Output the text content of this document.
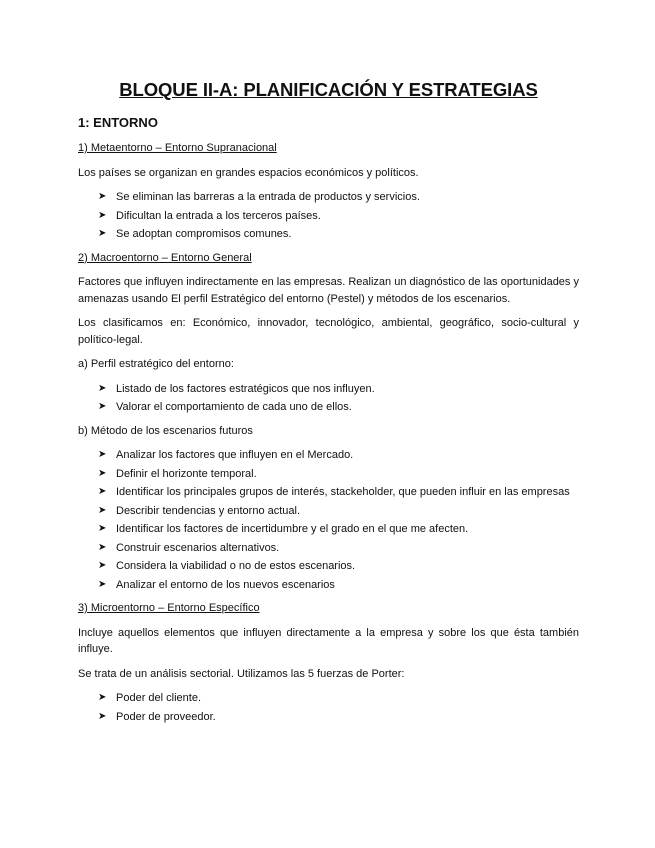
BLOQUE II-A: PLANIFICACIÓN Y ESTRATEGIAS
1: ENTORNO
1) Metaentorno – Entorno Supranacional

Los países se organizan en grandes espacios económicos y políticos.

➤ Se eliminan las barreras a la entrada de productos y servicios.
➤ Dificultan la entrada a los terceros países.
➤ Se adoptan compromisos comunes.
2) Macroentorno – Entorno General

Factores que influyen indirectamente en las empresas. Realizan un diagnóstico de las oportunidades y amenazas usando El perfil Estratégico del entorno (Pestel) y métodos de los escenarios.

Los clasificamos en: Económico, innovador, tecnológico, ambiental, geográfico, socio-cultural y político-legal.

a) Perfil estratégico del entorno:

➤ Listado de los factores estratégicos que nos influyen.
➤ Valorar el comportamiento de cada uno de ellos.

b) Método de los escenarios futuros

➤ Analizar los factores que influyen en el Mercado.
➤ Definir el horizonte temporal.
➤ Identificar los principales grupos de interés, stackeholder, que pueden influir en las empresas
➤ Describir tendencias y entorno actual.
➤ Identificar los factores de incertidumbre y el grado en el que me afecten.
➤ Construir escenarios alternativos.
➤ Considera la viabilidad o no de estos escenarios.
➤ Analizar el entorno de los nuevos escenarios
3) Microentorno – Entorno Específico

Incluye aquellos elementos que influyen directamente a la empresa y sobre los que ésta también influye.

Se trata de un análisis sectorial. Utilizamos las 5 fuerzas de Porter:

➤ Poder del cliente.
➤ Poder de proveedor.
